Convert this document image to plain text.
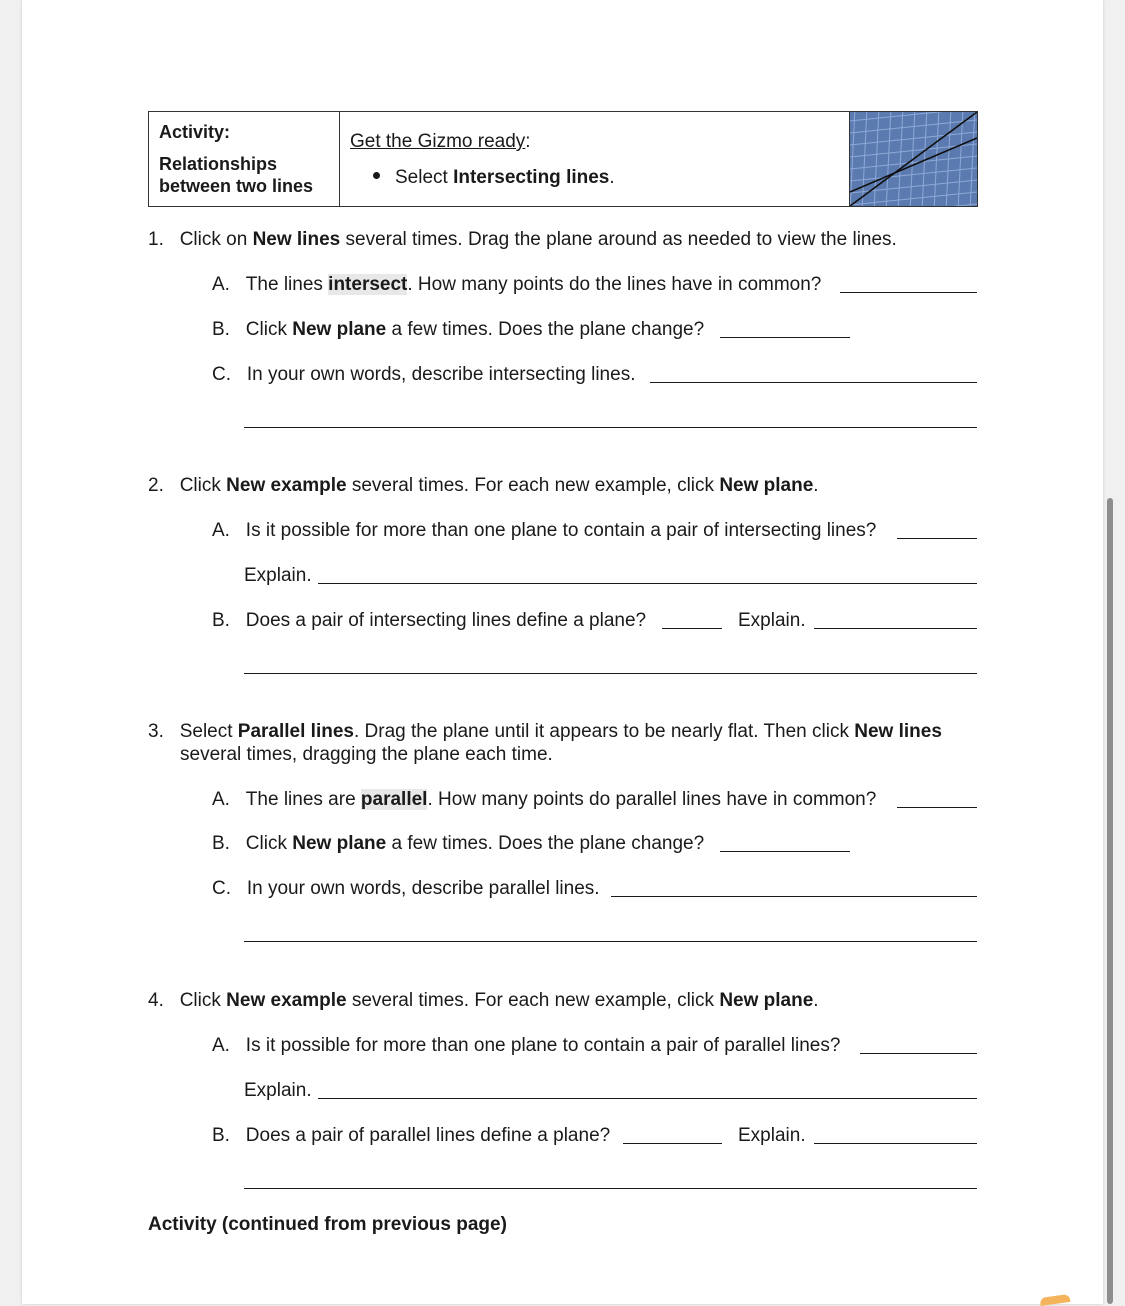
Activity:
Relationships
between two lines
Get the Gizmo ready:
Select Intersecting lines.
1. Click on New lines several times. Drag the plane around as needed to view the lines.
A. The lines intersect. How many points do the lines have in common?
B. Click New plane a few times. Does the plane change?
C. In your own words, describe intersecting lines.
2. Click New example several times. For each new example, click New plane.
A. Is it possible for more than one plane to contain a pair of intersecting lines?
Explain.
B. Does a pair of intersecting lines define a plane?	Explain.
3. Select Parallel lines. Drag the plane until it appears to be nearly flat. Then click New lines
several times, dragging the plane each time.
A. The lines are parallel. How many points do parallel lines have in common?
B. Click New plane a few times. Does the plane change?
C. In your own words, describe parallel lines.
4. Click New example several times. For each new example, click New plane.
A. Is it possible for more than one plane to contain a pair of parallel lines?
Explain.
B. Does a pair of parallel lines define a plane?	Explain.
Activity (continued from previous page)
